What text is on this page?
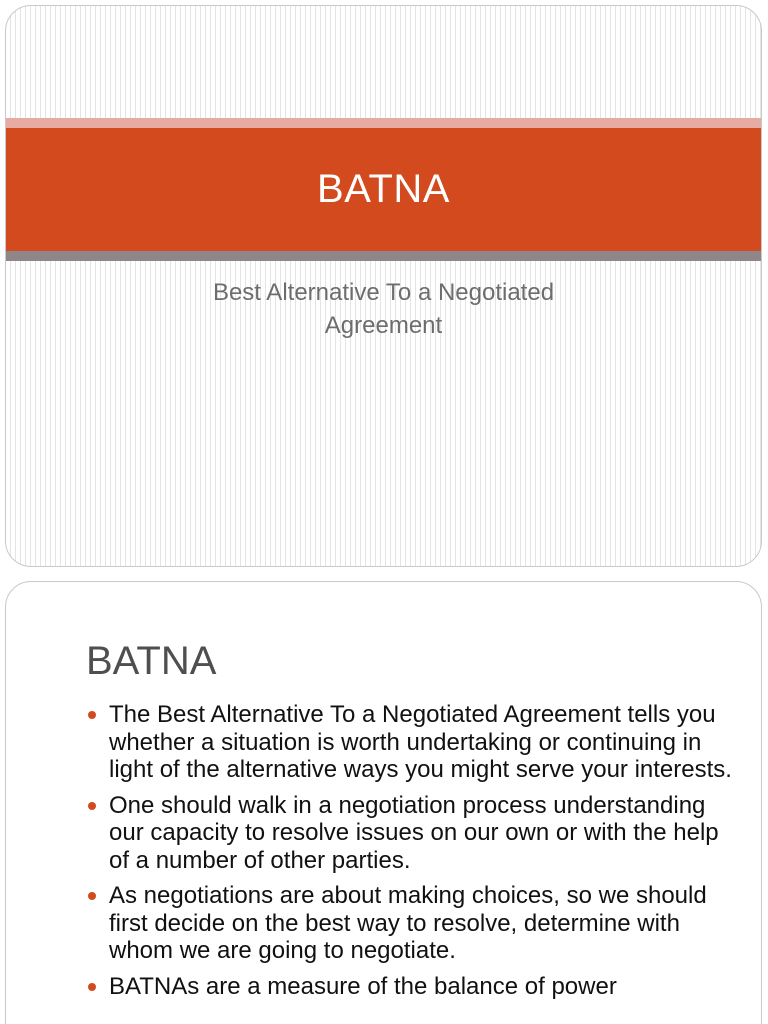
BATNA
Best Alternative To a Negotiated
Agreement
BATNA
The Best Alternative To a Negotiated Agreement tells you whether a situation is worth undertaking or continuing in light of the alternative ways you might serve your interests.
One should walk in a negotiation process understanding our capacity to resolve issues on our own or with the help of a number of other parties.
As negotiations are about making choices, so we should first decide on the best way to resolve, determine with whom we are going to negotiate.
BATNAs are a measure of the balance of power
